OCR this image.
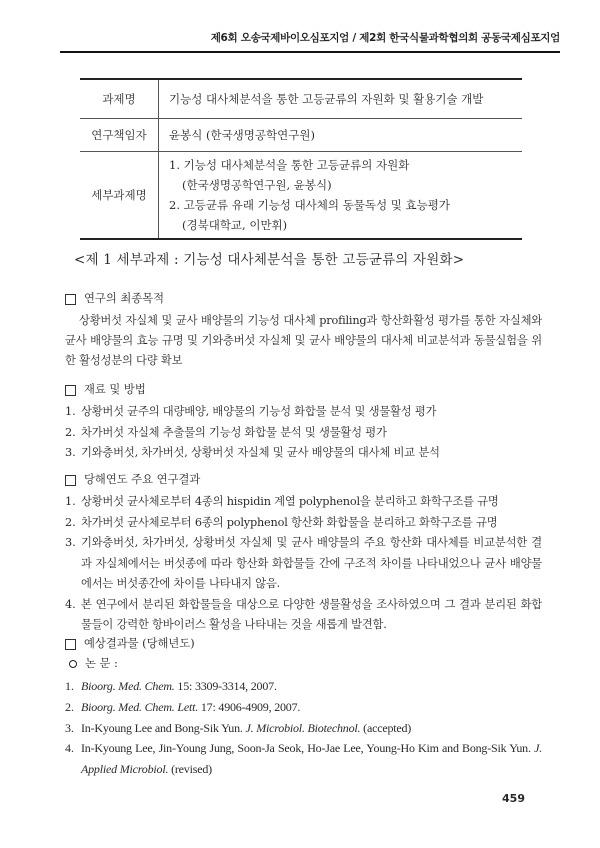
제6회 오송국제바이오심포지엄 / 제2회 한국식물과학협의회 공동국제심포지엄
과제명	기능성 대사체분석을 통한 고등균류의 자원화 및 활용기술 개발
연구책임자	윤봉식 (한국생명공학연구원)
세부과제명	1. 기능성 대사체분석을 통한 고등균류의 자원화
(한국생명공학연구원, 윤봉식)
2. 고등균류 유래 기능성 대사체의 동물독성 및 효능평가
(경북대학교, 이만휘)
<제 1 세부과제 : 기능성 대사체분석을 통한 고등균류의 자원화>
연구의 최종목적
상황버섯 자실체 및 균사 배양물의 기능성 대사체 profiling과 항산화활성 평가를 통한 자실체와 균사 배양물의 효능 규명 및 기와층버섯 자실체 및 균사 배양물의 대사체 비교분석과 동물실험을 위한 활성성분의 다량 확보
재료 및 방법
1. 상황버섯 균주의 대량배양, 배양물의 기능성 화합물 분석 및 생물활성 평가
2. 차가버섯 자실체 추출물의 기능성 화합물 분석 및 생물활성 평가
3. 기와층버섯, 차가버섯, 상황버섯 자실체 및 균사 배양물의 대사체 비교 분석
당해연도 주요 연구결과
1. 상황버섯 균사체로부터 4종의 hispidin 계열 polyphenol을 분리하고 화학구조를 규명
2. 차가버섯 균사체로부터 6종의 polyphenol 항산화 화합물을 분리하고 화학구조를 규명
3. 기와층버섯, 차가버섯, 상황버섯 자실체 및 균사 배양물의 주요 항산화 대사체를 비교분석한 결과 자실체에서는 버섯종에 따라 항산화 화합물들 간에 구조적 차이를 나타내었으나 균사 배양물에서는 버섯종간에 차이를 나타내지 않음.
4. 본 연구에서 분리된 화합물들을 대상으로 다양한 생물활성을 조사하였으며 그 결과 분리된 화합물들이 강력한 항바이러스 활성을 나타내는 것을 새롭게 발견함.
예상결과물 (당해년도)
논 문 :
1. Bioorg. Med. Chem. 15: 3309-3314, 2007.
2. Bioorg. Med. Chem. Lett. 17: 4906-4909, 2007.
3. In-Kyoung Lee and Bong-Sik Yun. J. Microbiol. Biotechnol. (accepted)
4. In-Kyoung Lee, Jin-Young Jung, Soon-Ja Seok, Ho-Jae Lee, Young-Ho Kim and Bong-Sik Yun. J. Applied Microbiol. (revised)
459
